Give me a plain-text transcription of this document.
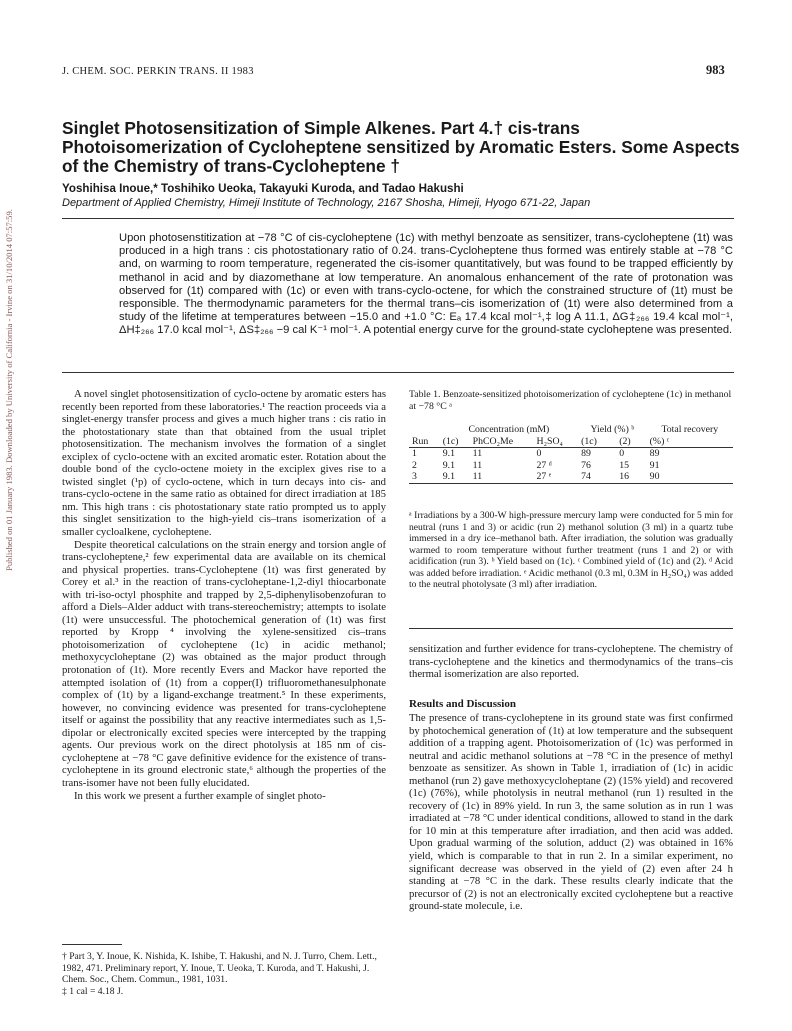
J. CHEM. SOC. PERKIN TRANS. II 1983	983
Published on 01 January 1983. Downloaded by University of California - Irvine on 31/10/2014 07:57:59.
Singlet Photosensitization of Simple Alkenes. Part 4.† cis-trans Photoisomerization of Cycloheptene sensitized by Aromatic Esters. Some Aspects of the Chemistry of trans-Cycloheptene †
Yoshihisa Inoue,* Toshihiko Ueoka, Takayuki Kuroda, and Tadao Hakushi
Department of Applied Chemistry, Himeji Institute of Technology, 2167 Shosha, Himeji, Hyogo 671-22, Japan
Upon photosenstitization at −78 °C of cis-cycloheptene (1c) with methyl benzoate as sensitizer, trans-cycloheptene (1t) was produced in a high trans : cis photostationary ratio of 0.24. trans-Cycloheptene thus formed was entirely stable at −78 °C and, on warming to room temperature, regenerated the cis-isomer quantitatively, but was found to be trapped efficiently by methanol in acid and by diazomethane at low temperature. An anomalous enhancement of the rate of protonation was observed for (1t) compared with (1c) or even with trans-cyclo-octene, for which the constrained structure of (1t) must be responsible. The thermodynamic parameters for the thermal trans–cis isomerization of (1t) were also determined from a study of the lifetime at temperatures between −15.0 and +1.0 °C: Eₐ 17.4 kcal mol⁻¹,‡ log A 11.1, ΔG‡₂₆₆ 19.4 kcal mol⁻¹, ΔH‡₂₆₆ 17.0 kcal mol⁻¹, ΔS‡₂₆₆ −9 cal K⁻¹ mol⁻¹. A potential energy curve for the ground-state cycloheptene was presented.

A novel singlet photosensitization of cyclo-octene by aromatic esters has recently been reported from these laboratories.¹ The reaction proceeds via a singlet-energy transfer process and gives a much higher trans : cis ratio in the photostationary state than that obtained from the usual triplet photosensitization. The mechanism involves the formation of a singlet exciplex of cyclo-octene with an excited aromatic ester. Rotation about the double bond of the cyclo-octene moiety in the exciplex gives rise to a twisted singlet (¹p) of cyclo-octene, which in turn decays into cis- and trans-cyclo-octene in the same ratio as obtained for direct irradiation at 185 nm. This high trans : cis photostationary state ratio prompted us to apply this singlet sensitization to the high-yield cis–trans isomerization of a smaller cycloalkene, cycloheptene.

Despite theoretical calculations on the strain energy and torsion angle of trans-cycloheptene,² few experimental data are available on its chemical and physical properties. trans-Cycloheptene (1t) was first generated by Corey et al.³ in the reaction of trans-cycloheptane-1,2-diyl thiocarbonate with tri-iso-octyl phosphite and trapped by 2,5-diphenylisobenzofuran to afford a Diels–Alder adduct with trans-stereochemistry; attempts to isolate (1t) were unsuccessful. The photochemical generation of (1t) was first reported by Kropp ⁴ involving the xylene-sensitized cis–trans photoisomerization of cycloheptene (1c) in acidic methanol; methoxycycloheptane (2) was obtained as the major product through protonation of (1t). More recently Evers and Mackor have reported the attempted isolation of (1t) from a copper(I) trifluoromethanesulphonate complex of (1t) by a ligand-exchange treatment.⁵ In these experiments, however, no convincing evidence was presented for trans-cycloheptene itself or against the possibility that any reactive intermediates such as 1,5-dipolar or electronically excited species were intercepted by the trapping agents. Our previous work on the direct photolysis at 185 nm of cis-cycloheptene at −78 °C gave definitive evidence for the existence of trans-cycloheptene in its ground electronic state,⁶ although the properties of the trans-isomer have not been fully elucidated.

In this work we present a further example of singlet photo-

† Part 3, Y. Inoue, K. Nishida, K. Ishibe, T. Hakushi, and N. J. Turro, Chem. Lett., 1982, 471. Preliminary report, Y. Inoue, T. Ueoka, T. Kuroda, and T. Hakushi, J. Chem. Soc., Chem. Commun., 1981, 1031.

‡ 1 cal = 4.18 J.

Table 1. Benzoate-sensitized photoisomerization of cycloheptene (1c) in methanol at −78 °C ᵃ
	Concentration (mM)			Yield (%) ᵇ		Total recovery
Run	(1c)	PhCO₂Me	H₂SO₄	(1c)	(2)	(%) ᶜ
1	9.1	11	0	89	0	89
2	9.1	11	27 ᵈ	76	15	91
3	9.1	11	27 ᵉ	74	16	90
ᵃ Irradiations by a 300-W high-pressure mercury lamp were conducted for 5 min for neutral (runs 1 and 3) or acidic (run 2) methanol solution (3 ml) in a quartz tube immersed in a dry ice–methanol bath. After irradiation, the solution was gradually warmed to room temperature without further treatment (runs 1 and 2) or with acidification (run 3). ᵇ Yield based on (1c). ᶜ Combined yield of (1c) and (2). ᵈ Acid was added before irradiation. ᵉ Acidic methanol (0.3 ml, 0.3M in H₂SO₄) was added to the neutral photolysate (3 ml) after irradiation.

sensitization and further evidence for trans-cycloheptene. The chemistry of trans-cycloheptene and the kinetics and thermodynamics of the trans–cis thermal isomerization are also reported.

Results and Discussion

The presence of trans-cycloheptene in its ground state was first confirmed by photochemical generation of (1t) at low temperature and the subsequent addition of a trapping agent. Photoisomerization of (1c) was performed in neutral and acidic methanol solutions at −78 °C in the presence of methyl benzoate as sensitizer. As shown in Table 1, irradiation of (1c) in acidic methanol (run 2) gave methoxycycloheptane (2) (15% yield) and recovered (1c) (76%), while photolysis in neutral methanol (run 1) resulted in the recovery of (1c) in 89% yield. In run 3, the same solution as in run 1 was irradiated at −78 °C under identical conditions, allowed to stand in the dark for 10 min at this temperature after irradiation, and then acid was added. Upon gradual warming of the solution, adduct (2) was obtained in 16% yield, which is comparable to that in run 2. In a similar experiment, no significant decrease was observed in the yield of (2) even after 24 h standing at −78 °C in the dark. These results clearly indicate that the precursor of (2) is not an electronically excited cycloheptene but a reactive ground-state molecule, i.e.
